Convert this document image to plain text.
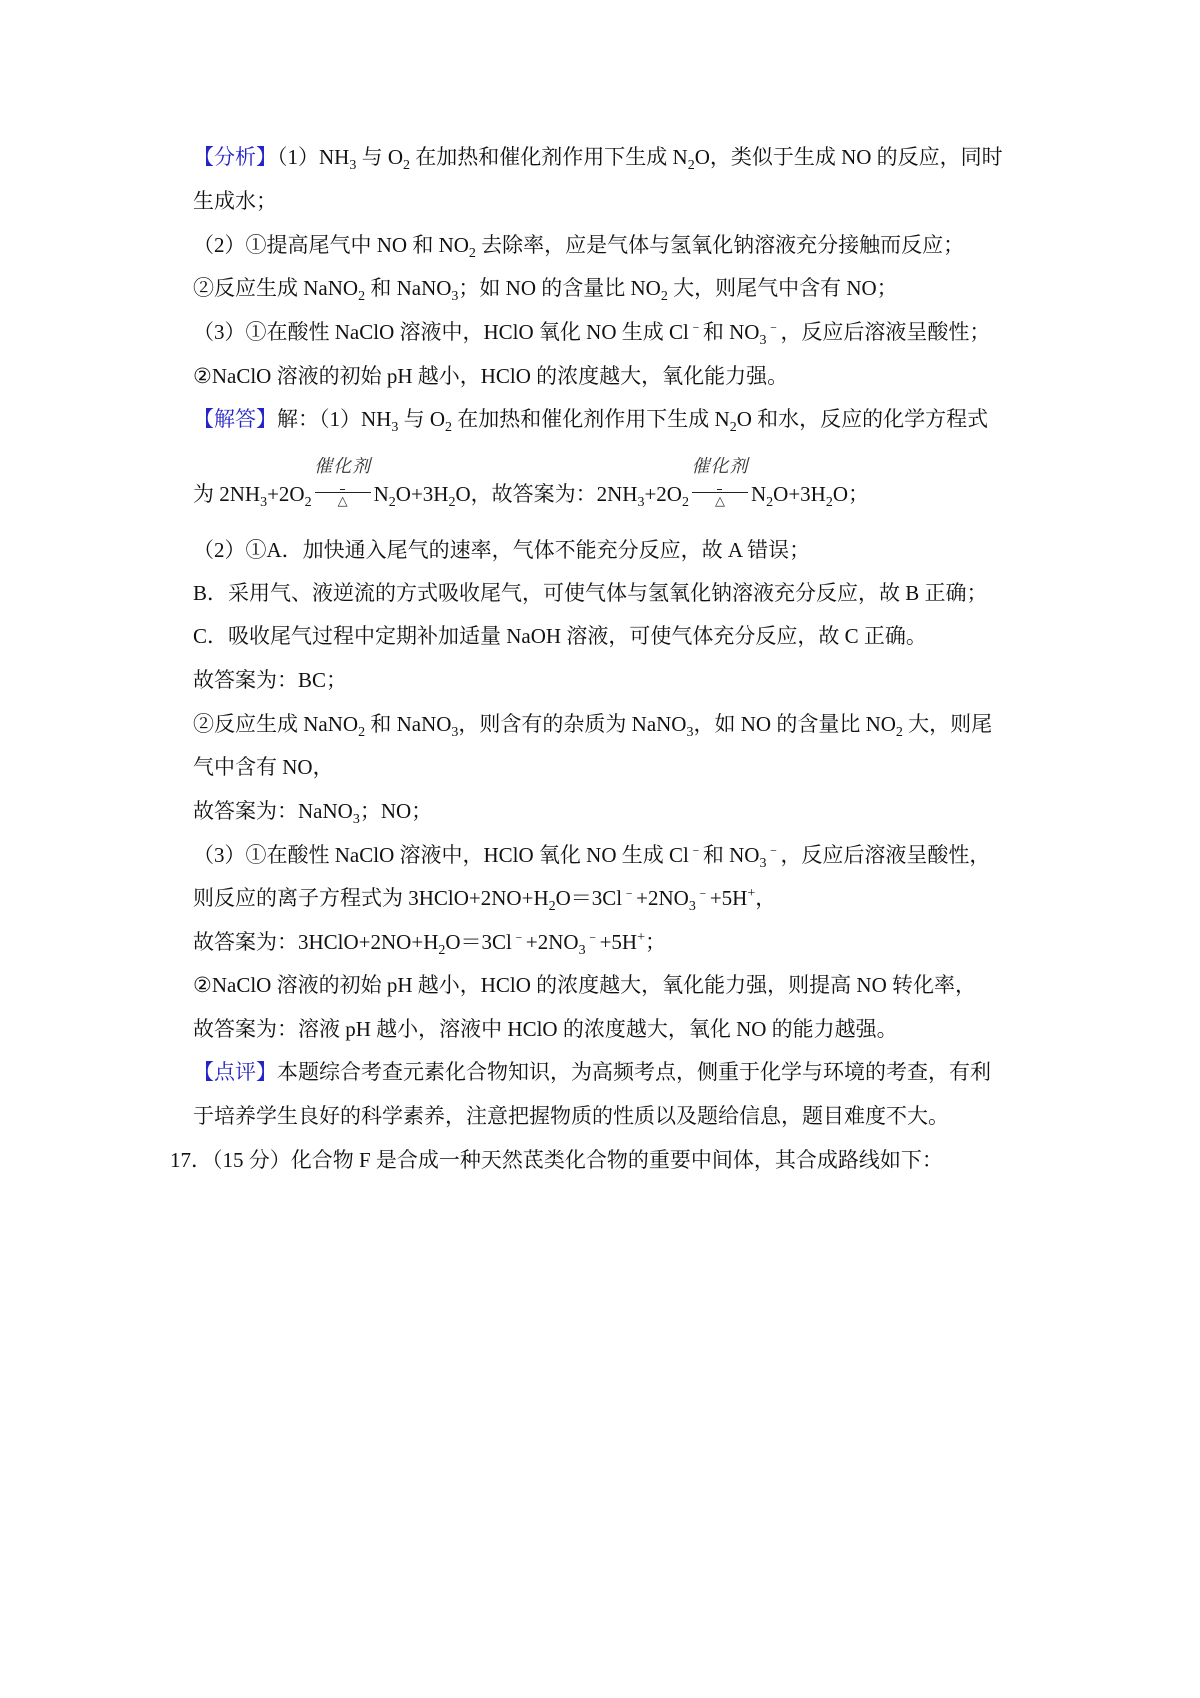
【分析】$(1)NH_3$ 与 $O_2$ 在加热和催化剂作用下生成 $N_2O$，类似于生成 NO 的反应，同时
生成水；
（2）①提高尾气中 NO 和 $NO_2$ 去除率，应是气体与氢氧化钠溶液充分接触而反应；
②反应生成 NaNO$_2$ 和 NaNO$_3$；如 NO 的含量比 $NO_2$ 大，则尾气中含有 NO；
（3）①在酸性 NaClO 溶液中，HClO 氧化 NO 生成 Cl﹣和 $NO_3^﹣$，反应后溶液呈酸性；
②NaClO 溶液的初始 pH 越小，HClO 的浓度越大，氧化能力强。
【解答】解：$(1)NH_3$ 与 $O_2$ 在加热和催化剂作用下生成 $N_2O$ 和水，反应的化学方程式
为 $2NH_3+2O_2$
催化剂
△	$N_2O+3H_2O$，故答案为：$2NH_3+2O_2$
催化剂
△	$N_2O+3H_2O$；
（2）①A．加快通入尾气的速率，气体不能充分反应，故 A 错误；
B．采用气、液逆流的方式吸收尾气，可使气体与氢氧化钠溶液充分反应，故 B 正确；
C．吸收尾气过程中定期补加适量 NaOH 溶液，可使气体充分反应，故 C 正确。
故答案为：BC；
②反应生成 NaNO$_2$ 和 NaNO$_3$，则含有的杂质为 NaNO$_3$，如 NO 的含量比 $NO_2$ 大，则尾
气中含有 NO，
故答案为：NaNO$_3$；NO；
（3）①在酸性 NaClO 溶液中，HClO 氧化 NO 生成 Cl﹣和 $NO_3^﹣$，反应后溶液呈酸性，
则反应的离子方程式为 $3HClO+2NO+H_2O=3Cl^﹣+2NO_3^﹣+5H^+$，
故答案为：$3HClO+2NO+H_2O=3Cl^﹣+2NO_3^﹣+5H^+$；
②NaClO 溶液的初始 pH 越小，HClO 的浓度越大，氧化能力强，则提高 NO 转化率，
故答案为：溶液 pH 越小，溶液中 HClO 的浓度越大，氧化 NO 的能力越强。
【点评】本题综合考查元素化合物知识，为高频考点，侧重于化学与环境的考查，有利
于培养学生良好的科学素养，注意把握物质的性质以及题给信息，题目难度不大。
17．（15 分）化合物 F 是合成一种天然茋类化合物的重要中间体，其合成路线如下：
